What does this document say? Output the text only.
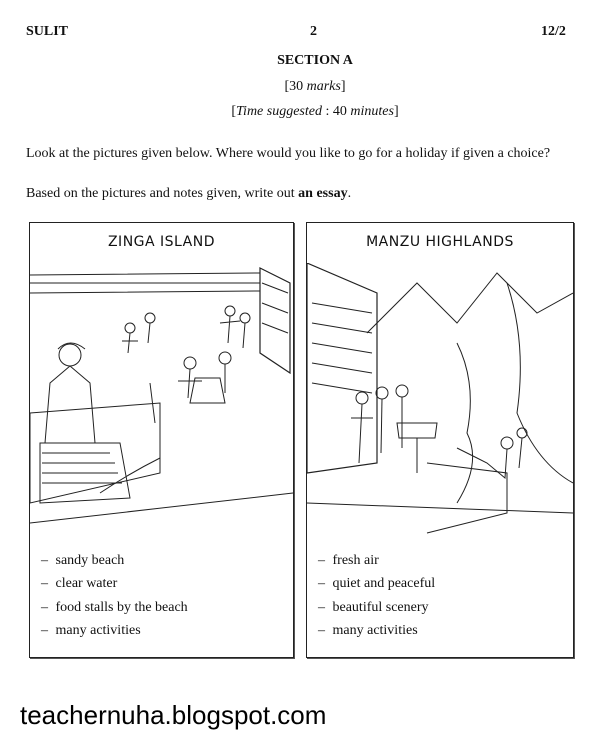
SULIT	2	12/2
SECTION A
[30 marks]
[Time suggested : 40 minutes]
Look at the pictures given below. Where would you like to go for a holiday if given a choice?
Based on the pictures and notes given, write out an essay.
ZINGA ISLAND
– sandy beach
– clear water
– food stalls by the beach
– many activities
MANZU HIGHLANDS
– fresh air
– quiet and peaceful
– beautiful scenery
– many activities
teachernuha.blogspot.com
